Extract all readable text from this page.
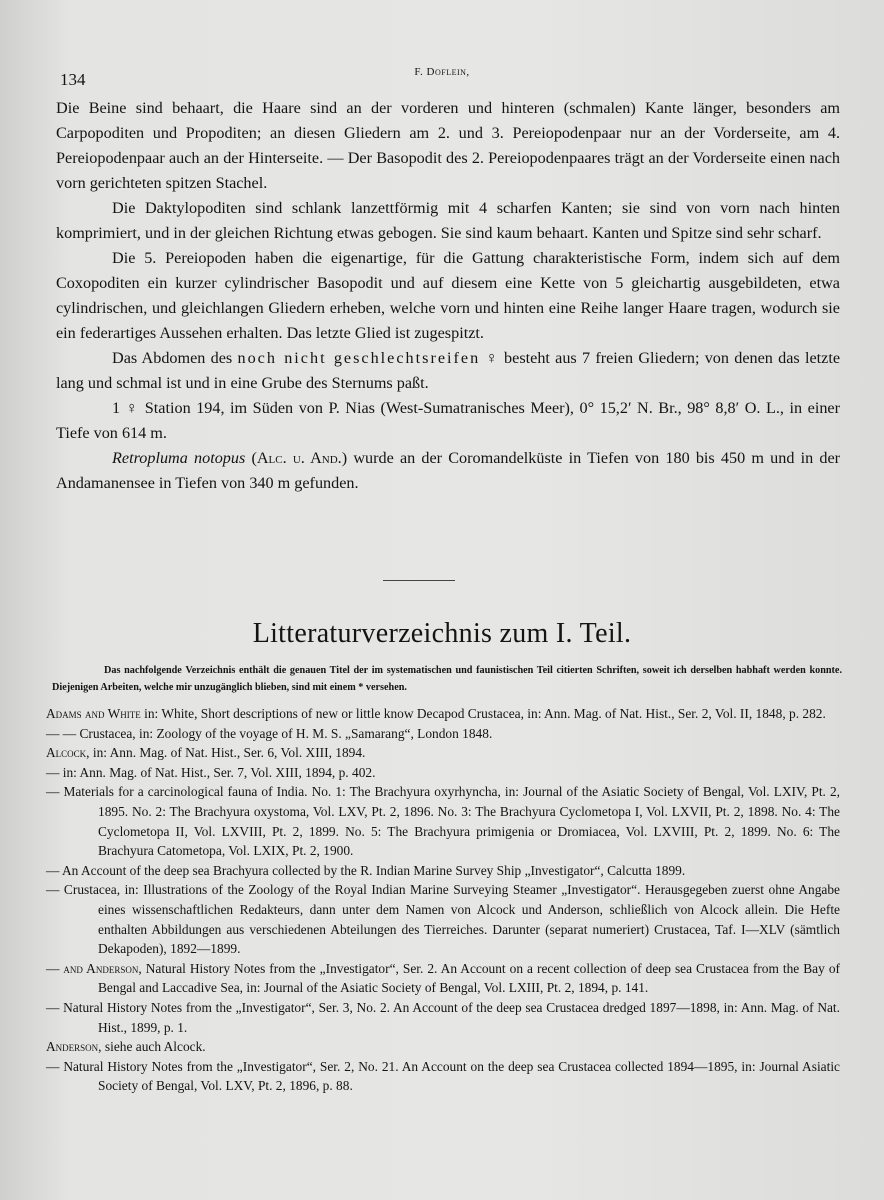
134	F. Doflein,

Die Beine sind behaart, die Haare sind an der vorderen und hinteren (schmalen) Kante länger, besonders am Carpopoditen und Propoditen; an diesen Gliedern am 2. und 3. Pereiopodenpaar nur an der Vorderseite, am 4. Pereiopodenpaar auch an der Hinterseite. — Der Basopodit des 2. Pereiopodenpaares trägt an der Vorderseite einen nach vorn gerichteten spitzen Stachel.

Die Daktylopoditen sind schlank lanzettförmig mit 4 scharfen Kanten; sie sind von vorn nach hinten komprimiert, und in der gleichen Richtung etwas gebogen. Sie sind kaum behaart. Kanten und Spitze sind sehr scharf.

Die 5. Pereiopoden haben die eigenartige, für die Gattung charakteristische Form, indem sich auf dem Coxopoditen ein kurzer cylindrischer Basopodit und auf diesem eine Kette von 5 gleichartig ausgebildeten, etwa cylindrischen, und gleichlangen Gliedern erheben, welche vorn und hinten eine Reihe langer Haare tragen, wodurch sie ein federartiges Aussehen erhalten. Das letzte Glied ist zugespitzt.

Das Abdomen des noch nicht geschlechtsreifen ♀ besteht aus 7 freien Gliedern; von denen das letzte lang und schmal ist und in eine Grube des Sternums paßt.

1 ♀ Station 194, im Süden von P. Nias (West-Sumatranisches Meer), 0° 15,2′ N. Br., 98° 8,8′ O. L., in einer Tiefe von 614 m.

Retropluma notopus (Alc. u. And.) wurde an der Coromandelküste in Tiefen von 180 bis 450 m und in der Andamanensee in Tiefen von 340 m gefunden.

Litteraturverzeichnis zum I. Teil.
Das nachfolgende Verzeichnis enthält die genauen Titel der im systematischen und faunistischen Teil citierten Schriften, soweit ich derselben habhaft werden konnte. Diejenigen Arbeiten, welche mir unzugänglich blieben, sind mit einem * versehen.

Adams and White in: White, Short descriptions of new or little know Decapod Crustacea, in: Ann. Mag. of Nat. Hist., Ser. 2, Vol. II, 1848, p. 282.

— — Crustacea, in: Zoology of the voyage of H. M. S. „Samarang“, London 1848.

Alcock, in: Ann. Mag. of Nat. Hist., Ser. 6, Vol. XIII, 1894.

— in: Ann. Mag. of Nat. Hist., Ser. 7, Vol. XIII, 1894, p. 402.

— Materials for a carcinological fauna of India. No. 1: The Brachyura oxyrhyncha, in: Journal of the Asiatic Society of Bengal, Vol. LXIV, Pt. 2, 1895. No. 2: The Brachyura oxystoma, Vol. LXV, Pt. 2, 1896. No. 3: The Brachyura Cyclometopa I, Vol. LXVII, Pt. 2, 1898. No. 4: The Cyclometopa II, Vol. LXVIII, Pt. 2, 1899. No. 5: The Brachyura primigenia or Dromiacea, Vol. LXVIII, Pt. 2, 1899. No. 6: The Brachyura Catometopa, Vol. LXIX, Pt. 2, 1900.

— An Account of the deep sea Brachyura collected by the R. Indian Marine Survey Ship „Investigator“, Calcutta 1899.

— Crustacea, in: Illustrations of the Zoology of the Royal Indian Marine Surveying Steamer „Investigator“. Herausgegeben zuerst ohne Angabe eines wissenschaftlichen Redakteurs, dann unter dem Namen von Alcock und Anderson, schließlich von Alcock allein. Die Hefte enthalten Abbildungen aus verschiedenen Abteilungen des Tierreiches. Darunter (separat numeriert) Crustacea, Taf. I—XLV (sämtlich Dekapoden), 1892—1899.

— and Anderson, Natural History Notes from the „Investigator“, Ser. 2. An Account on a recent collection of deep sea Crustacea from the Bay of Bengal and Laccadive Sea, in: Journal of the Asiatic Society of Bengal, Vol. LXIII, Pt. 2, 1894, p. 141.

— Natural History Notes from the „Investigator“, Ser. 3, No. 2. An Account of the deep sea Crustacea dredged 1897—1898, in: Ann. Mag. of Nat. Hist., 1899, p. 1.

Anderson, siehe auch Alcock.

— Natural History Notes from the „Investigator“, Ser. 2, No. 21. An Account on the deep sea Crustacea collected 1894—1895, in: Journal Asiatic Society of Bengal, Vol. LXV, Pt. 2, 1896, p. 88.
